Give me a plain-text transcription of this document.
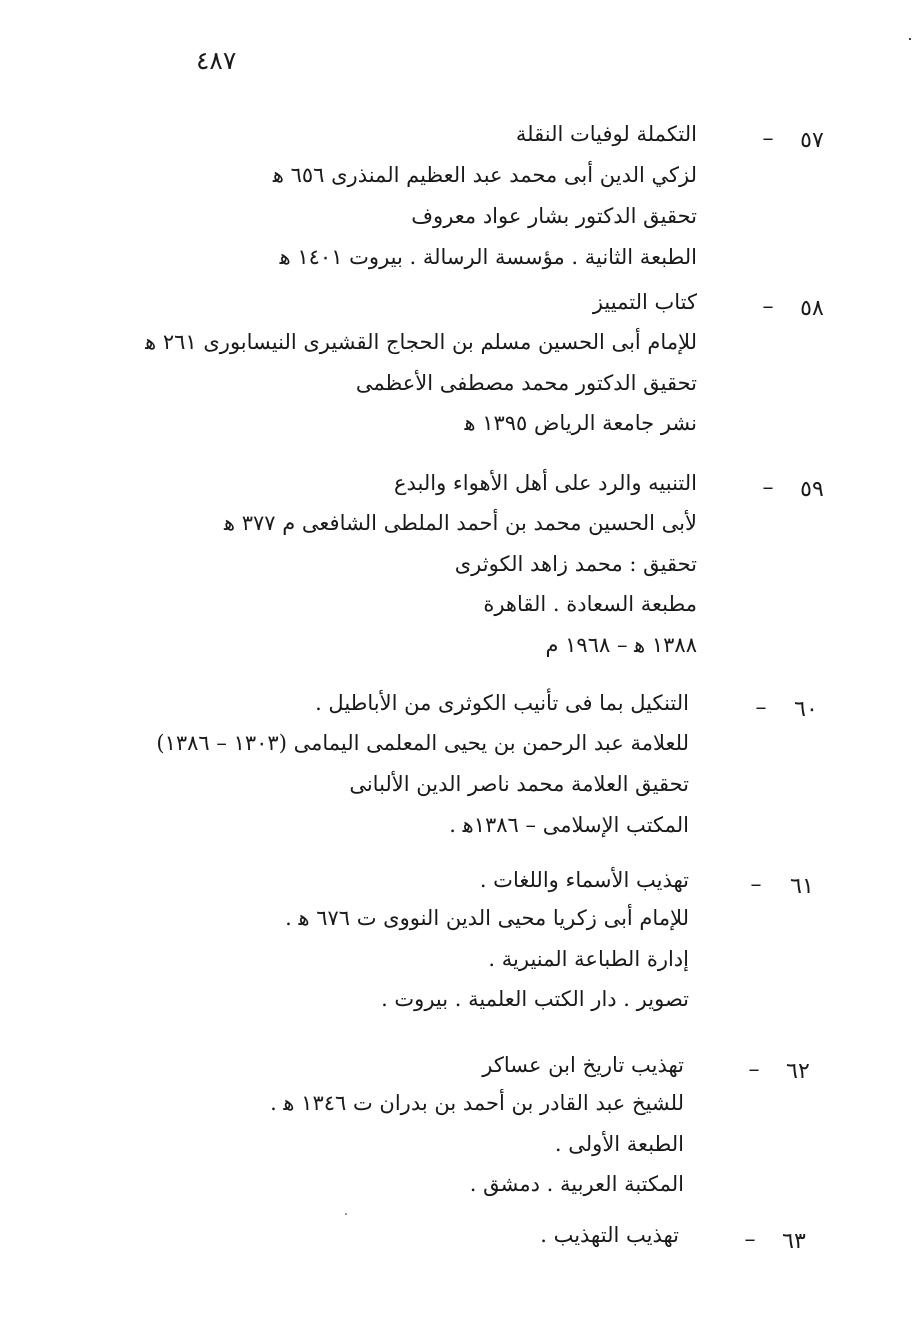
٤٨٧
٥٧
–
التكملة لوفيات النقلة
لزكي الدين أبى محمد عبد العظيم المنذرى ٦٥٦ ﻫ
تحقيق الدكتور بشار عواد معروف
الطبعة الثانية . مؤسسة الرسالة . بيروت ١٤٠١ ﻫ
٥٨
–
كتاب التمييز
للإمام أبى الحسين مسلم بن الحجاج القشيرى النيسابورى ٢٦١ ﻫ
تحقيق الدكتور محمد مصطفى الأعظمى
نشر جامعة الرياض ١٣٩٥ ﻫ
٥٩
–
التنبيه والرد على أهل الأهواء والبدع
لأبى الحسين محمد بن أحمد الملطى الشافعى م ٣٧٧ ﻫ
تحقيق : محمد زاهد الكوثرى
مطبعة السعادة . القاهرة
١٣٨٨ ﻫ – ١٩٦٨ م
٦٠
–
التنكيل بما فى تأنيب الكوثرى من الأباطيل .
للعلامة عبد الرحمن بن يحيى المعلمى اليمامى (١٣٠٣ – ١٣٨٦)
تحقيق العلامة محمد ناصر الدين الألبانى
المكتب الإسلامى – ١٣٨٦ﻫ .
٦١
–
تهذيب الأسماء واللغات .
للإمام أبى زكريا محيى الدين النووى ت ٦٧٦ ﻫ .
إدارة الطباعة المنيرية .
تصوير . دار الكتب العلمية . بيروت .
٦٢
–
تهذيب تاريخ ابن عساكر
للشيخ عبد القادر بن أحمد بن بدران ت ١٣٤٦ ﻫ .
الطبعة الأولى .
المكتبة العربية . دمشق .
٦٣
–
تهذيب التهذيب .
